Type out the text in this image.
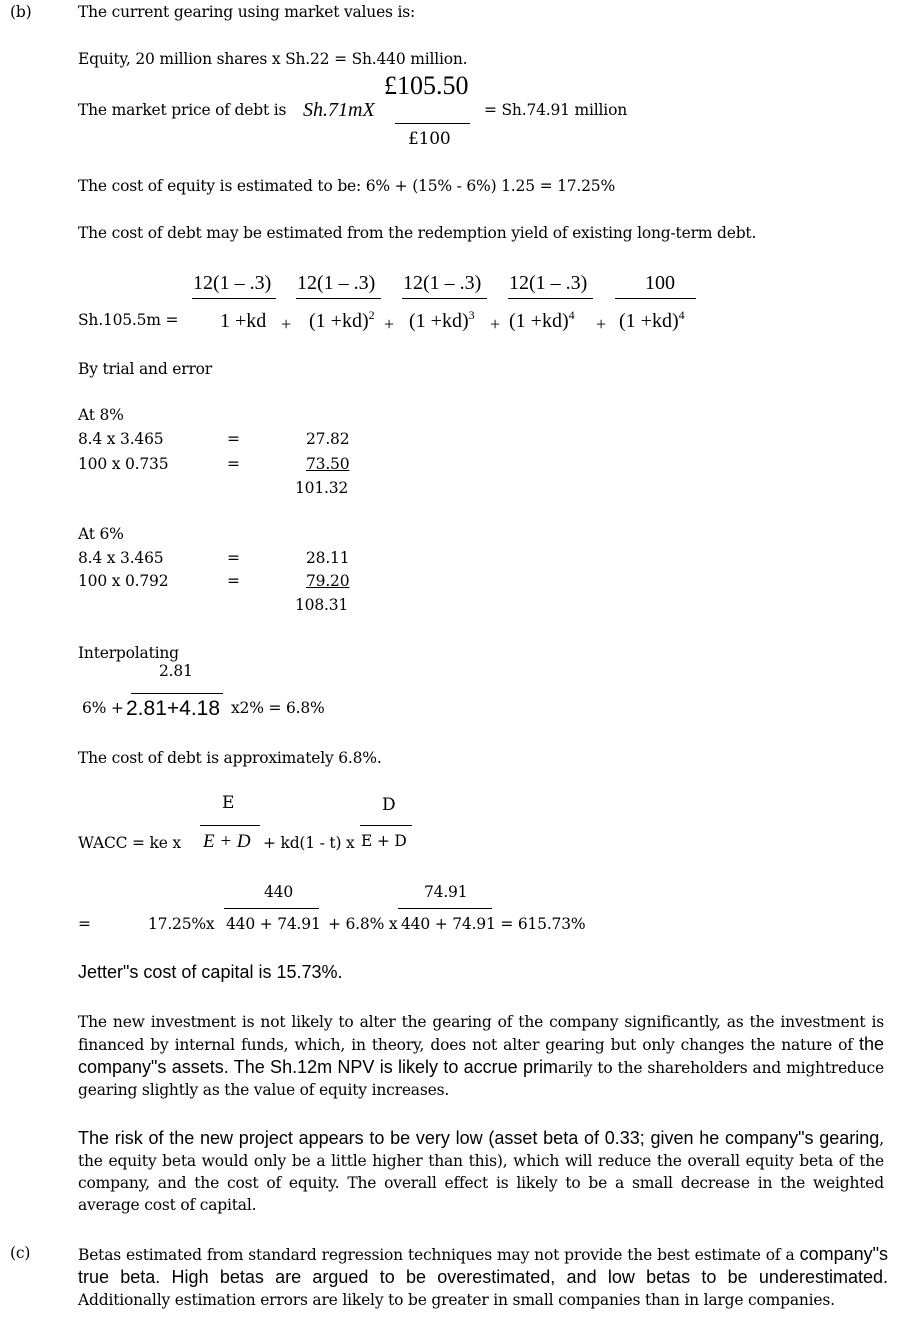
(b)	The current gearing using market values is:
Equity, 20 million shares x Sh.22 = Sh.440 million.
The market price of debt is Sh.71mX
£105.50
£100
= Sh.74.91 million
The cost of equity is estimated to be: 6% + (15% - 6%) 1.25 = 17.25%
The cost of debt may be estimated from the redemption yield of existing long-term debt.
Sh.105.5m =
12(1 – .3)
1 +kd +
12(1 – .3)
$(1 +kd)^2$ +
12(1 – .3)
$(1 +kd)^3$ +
12(1 – .3)
$(1 +kd)^4$ +
100
$(1 +kd)^4$
By trial and error
At 8%
8.4 x 3.465	=	27.82
100 x 0.735	=	73.50
101.32
At 6%
8.4 x 3.465	=	28.11
100 x 0.792	=	79.20
108.31
Interpolating
2.81
6% + 2.81+4.18 x2% = 6.8%
The cost of debt is approximately 6.8%.
WACC = ke x
E
E + D + kd(1 - t) x
D
E + D
=	17.25%x
440
440 + 74.91 + 6.8% x
74.91
440 + 74.91 = 615.73%
Jetter"s cost of capital is 15.73%.
The new investment is not likely to alter the gearing of the company significantly, as the investment is financed by internal funds, which, in theory, does not alter gearing but only changes the nature of the company"s assets. The Sh.12m NPV is likely to accrue primarily to the shareholders and mightreduce gearing slightly as the value of equity increases.
The risk of the new project appears to be very low (asset beta of 0.33; given he company"s gearing, the equity beta would only be a little higher than this), which will reduce the overall equity beta of the company, and the cost of equity. The overall effect is likely to be a small decrease in the weighted average cost of capital.
(c)	Betas estimated from standard regression techniques may not provide the best estimate of a company"s true beta. High betas are argued to be overestimated, and low betas to be underestimated. Additionally estimation errors are likely to be greater in small companies than in large companies.
